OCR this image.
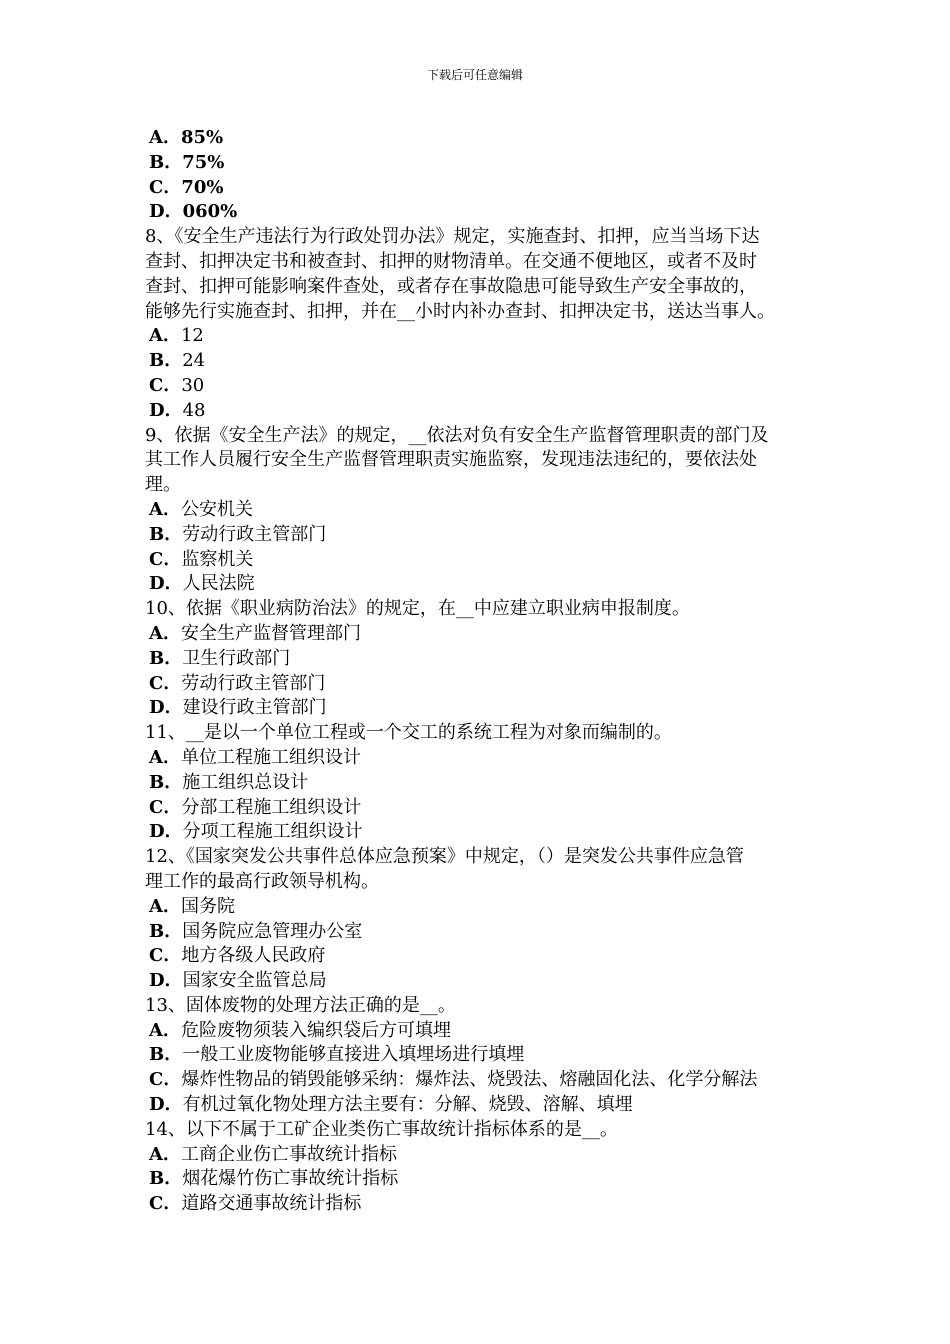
下载后可任意编辑

A．85%

B．75%

C．70%

D．060%

8、《安全生产违法行为行政处罚办法》规定，实施查封、扣押，应当当场下达

查封、扣押决定书和被查封、扣押的财物清单。在交通不便地区，或者不及时

查封、扣押可能影响案件查处，或者存在事故隐患可能导致生产安全事故的，

能够先行实施查封、扣押，并在__小时内补办查封、扣押决定书，送达当事人。

A．12

B．24

C．30

D．48

9、依据《安全生产法》的规定，__依法对负有安全生产监督管理职责的部门及

其工作人员履行安全生产监督管理职责实施监察，发现违法违纪的，要依法处

理。

A．公安机关

B．劳动行政主管部门

C．监察机关

D．人民法院

10、依据《职业病防治法》的规定，在__中应建立职业病申报制度。

A．安全生产监督管理部门

B．卫生行政部门

C．劳动行政主管部门

D．建设行政主管部门

11、__是以一个单位工程或一个交工的系统工程为对象而编制的。

A．单位工程施工组织设计

B．施工组织总设计

C．分部工程施工组织设计

D．分项工程施工组织设计

12、《国家突发公共事件总体应急预案》中规定，（）是突发公共事件应急管

理工作的最高行政领导机构。

A．国务院

B．国务院应急管理办公室

C．地方各级人民政府

D．国家安全监管总局

13、固体废物的处理方法正确的是__。

A．危险废物须装入编织袋后方可填埋

B．一般工业废物能够直接进入填埋场进行填埋

C．爆炸性物品的销毁能够采纳：爆炸法、烧毁法、熔融固化法、化学分解法

D．有机过氧化物处理方法主要有：分解、烧毁、溶解、填埋

14、以下不属于工矿企业类伤亡事故统计指标体系的是__。

A．工商企业伤亡事故统计指标

B．烟花爆竹伤亡事故统计指标

C．道路交通事故统计指标
